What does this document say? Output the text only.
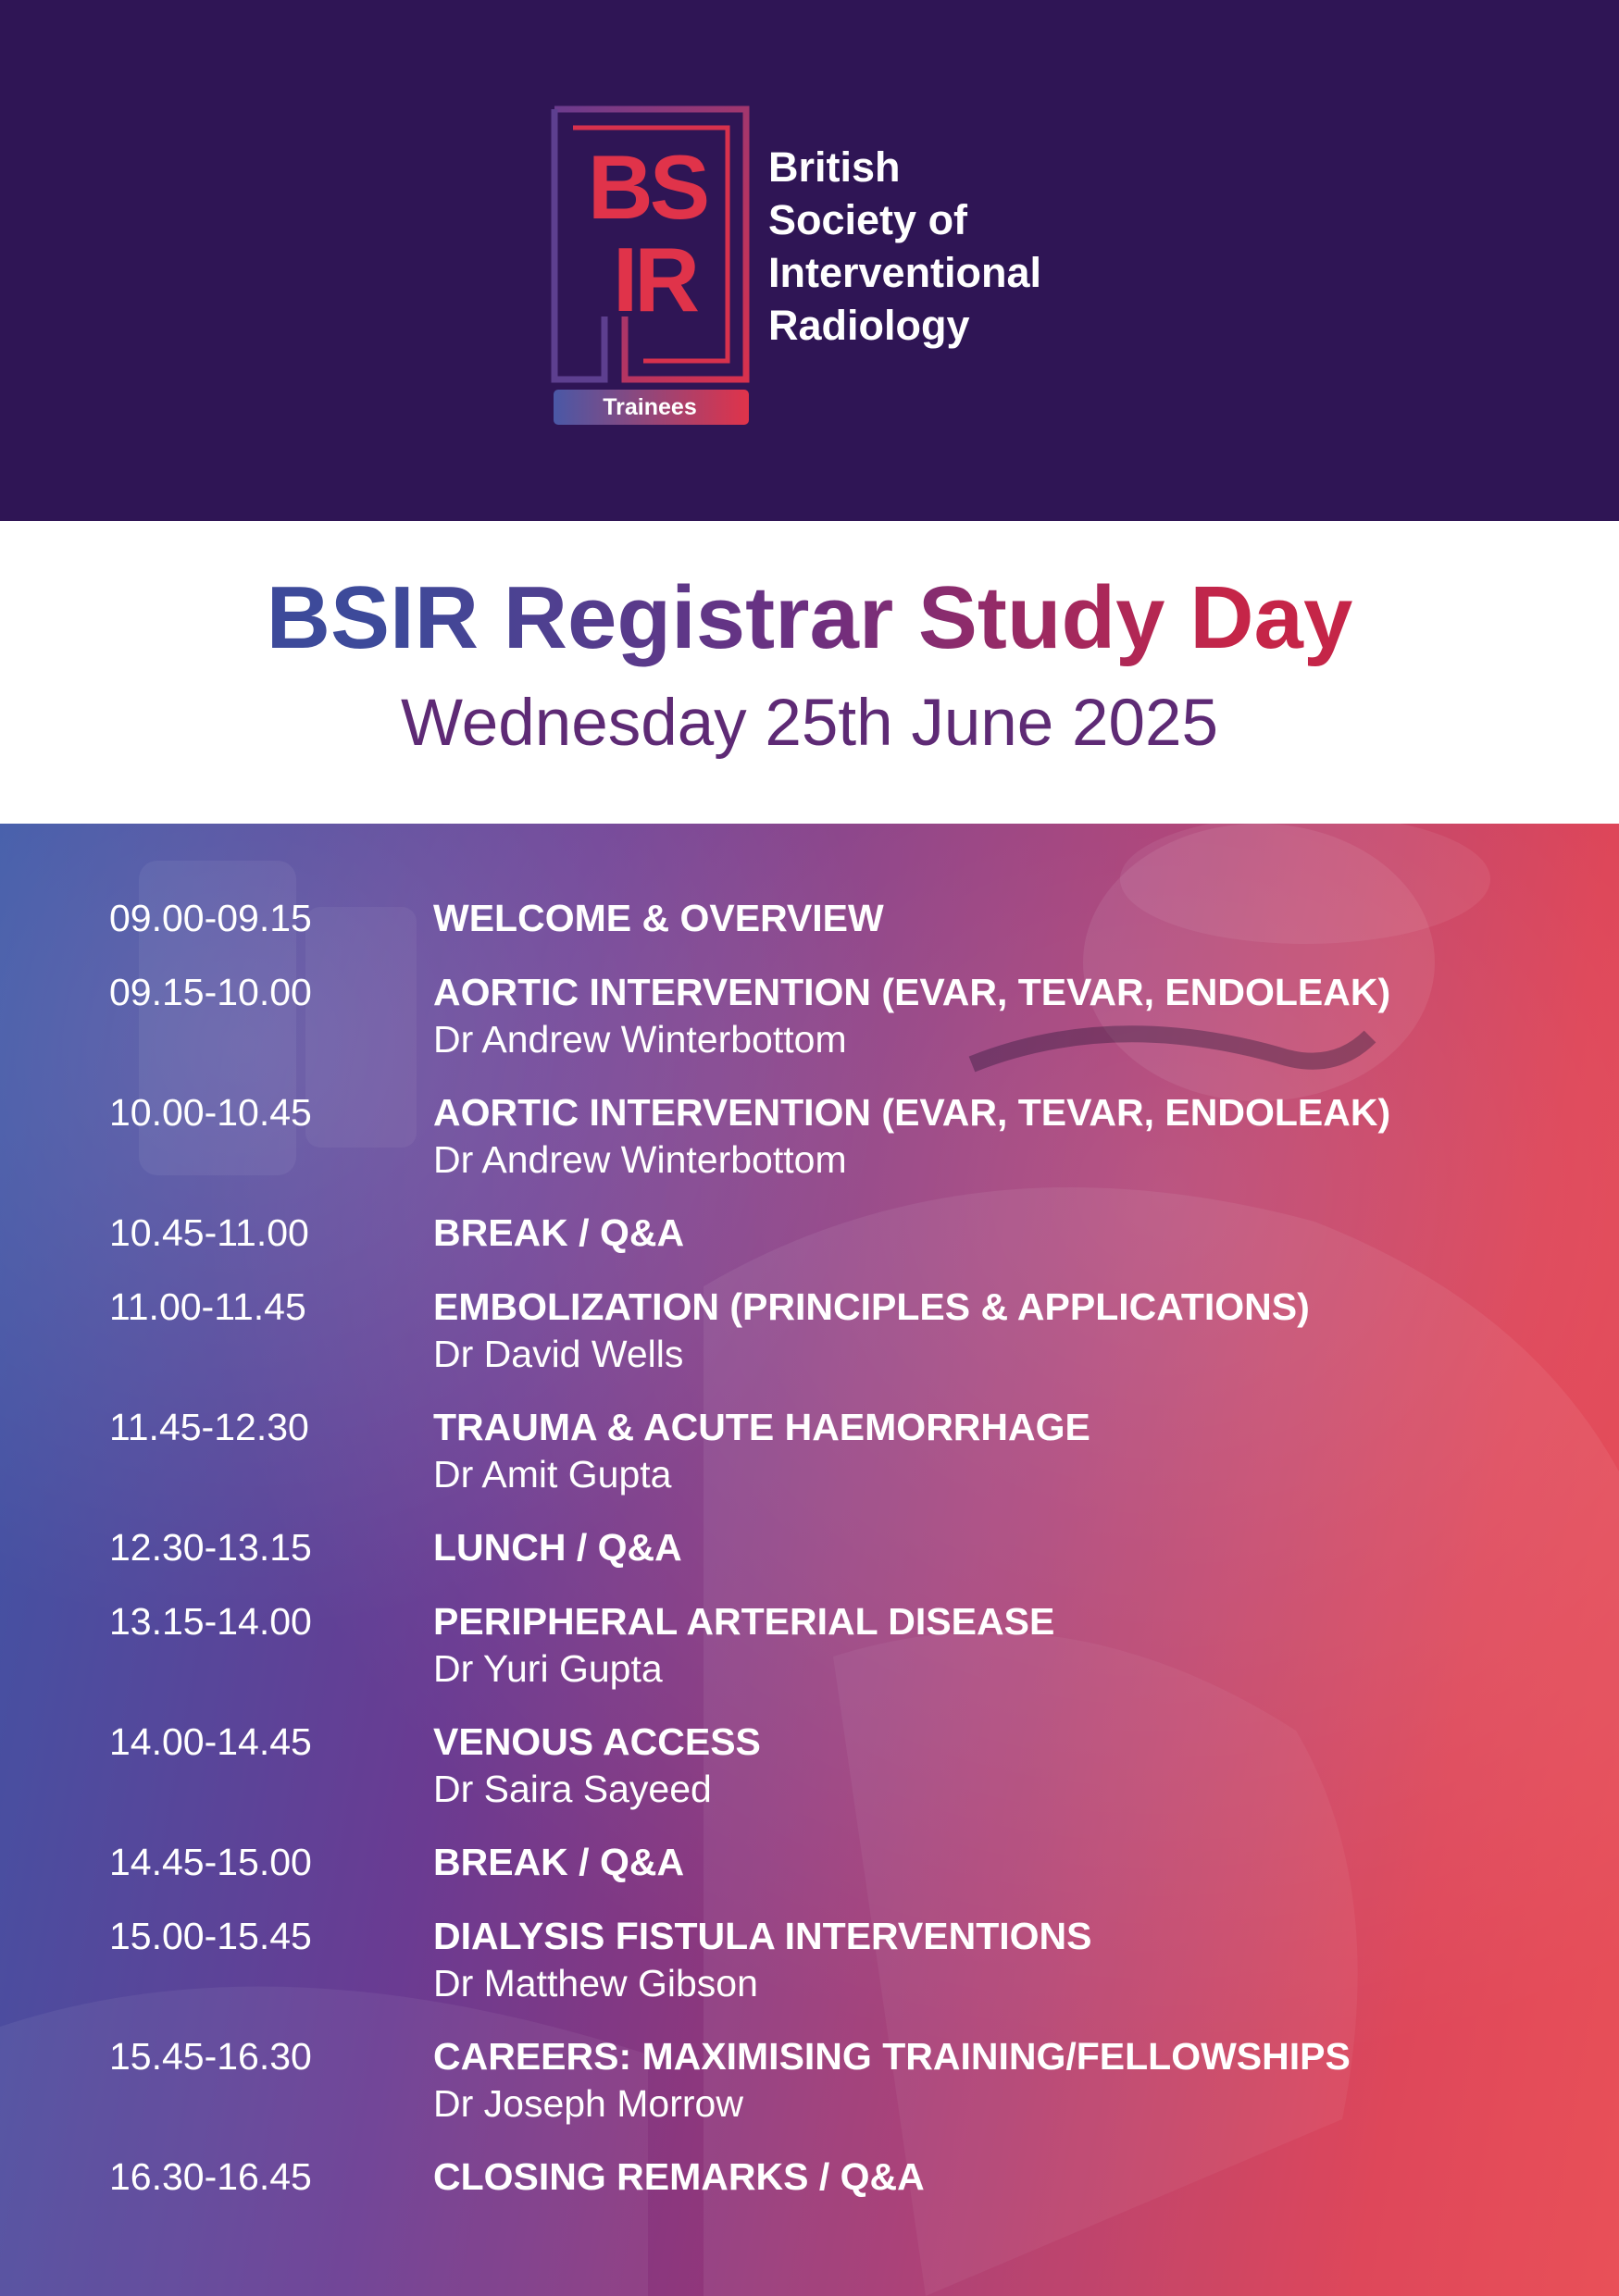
BS
IR
Trainees
British
Society of
Interventional
Radiology
BSIR Registrar Study Day
Wednesday 25th June 2025
09.00-09.15	WELCOME & OVERVIEW
09.15-10.00	AORTIC INTERVENTION (EVAR, TEVAR, ENDOLEAK)
Dr Andrew Winterbottom
10.00-10.45	AORTIC INTERVENTION (EVAR, TEVAR, ENDOLEAK)
Dr Andrew Winterbottom
10.45-11.00	BREAK / Q&A
11.00-11.45	EMBOLIZATION (PRINCIPLES & APPLICATIONS)
Dr David Wells
11.45-12.30	TRAUMA & ACUTE HAEMORRHAGE
Dr Amit Gupta
12.30-13.15	LUNCH / Q&A
13.15-14.00	PERIPHERAL ARTERIAL DISEASE
Dr Yuri Gupta
14.00-14.45	VENOUS ACCESS
Dr Saira Sayeed
14.45-15.00	BREAK / Q&A
15.00-15.45	DIALYSIS FISTULA INTERVENTIONS
Dr Matthew Gibson
15.45-16.30	CAREERS: MAXIMISING TRAINING/FELLOWSHIPS
Dr Joseph Morrow
16.30-16.45	CLOSING REMARKS / Q&A
